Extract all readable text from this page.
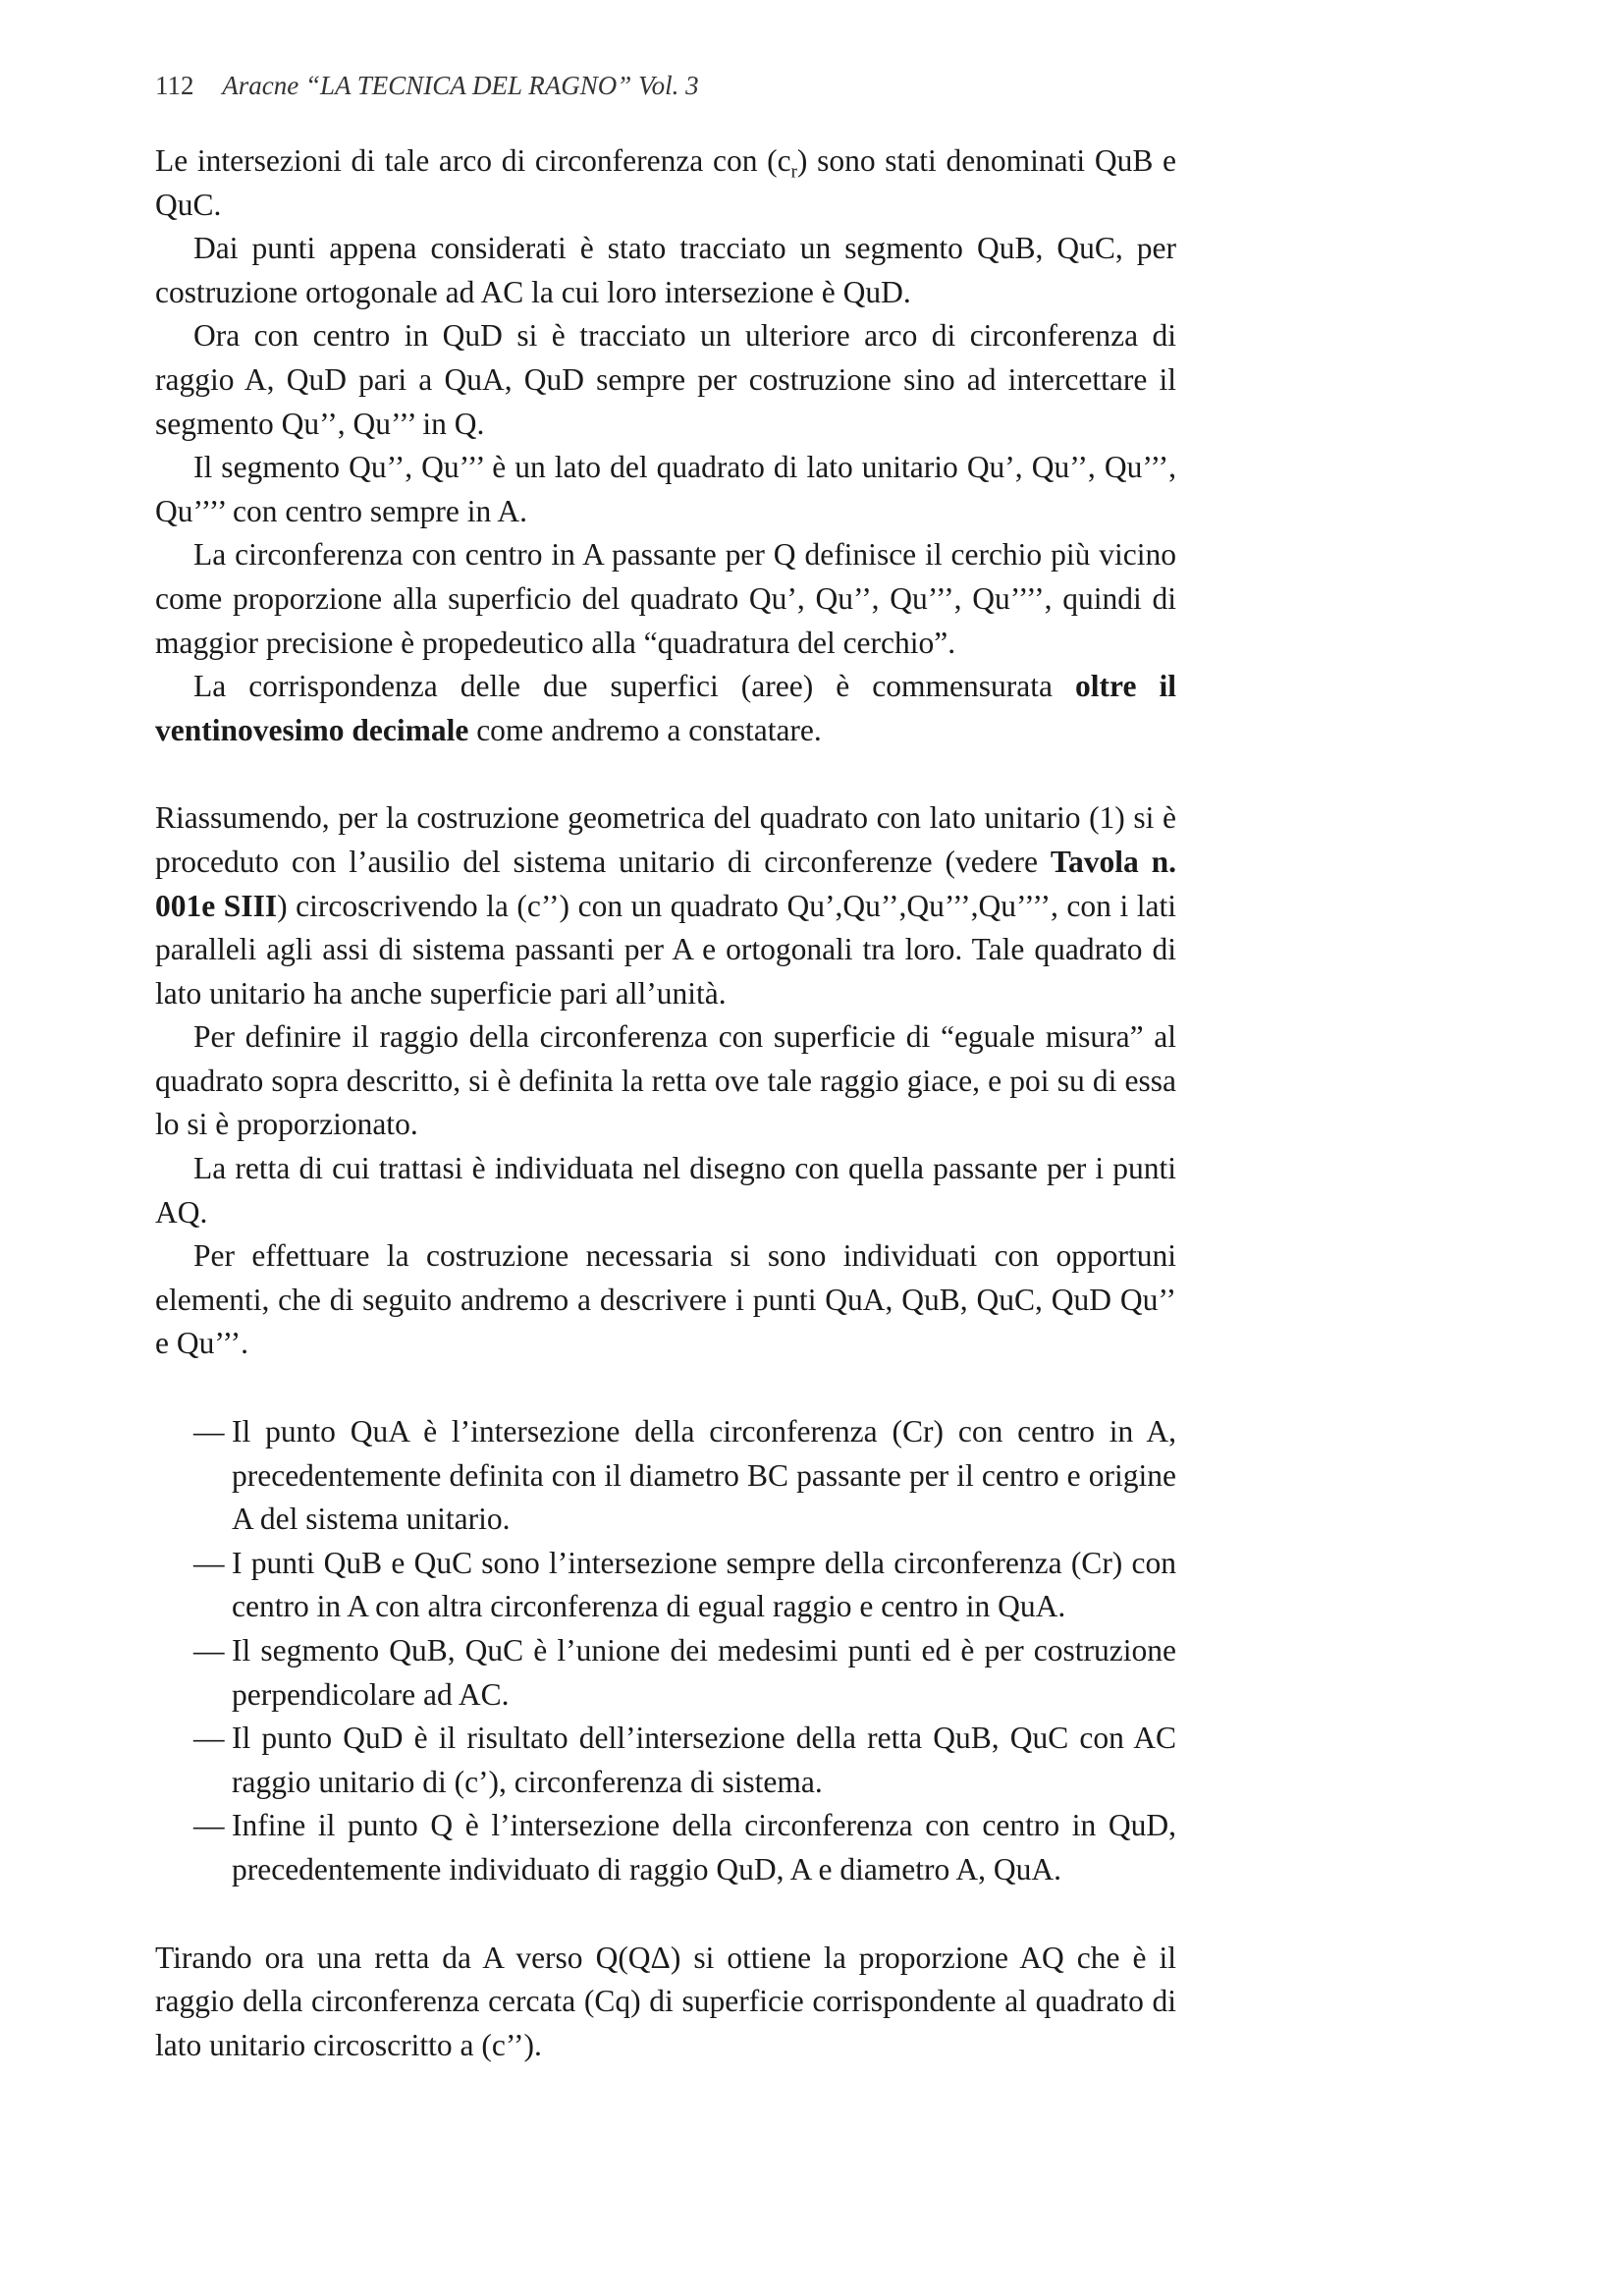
112 Aracne “LA TECNICA DEL RAGNO” Vol. 3

Le intersezioni di tale arco di circonferenza con $(c_r)$ sono stati denominati QuB e QuC.

Dai punti appena considerati è stato tracciato un segmento QuB, QuC, per costruzione ortogonale ad AC la cui loro intersezione è QuD.

Ora con centro in QuD si è tracciato un ulteriore arco di circonferenza di raggio A, QuD pari a QuA, QuD sempre per costruzione sino ad intercettare il segmento Qu’’, Qu’’’ in Q.

Il segmento Qu’’, Qu’’’ è un lato del quadrato di lato unitario Qu’, Qu’’, Qu’’’, Qu’’’’ con centro sempre in A.

La circonferenza con centro in A passante per Q definisce il cerchio più vicino come proporzione alla superficio del quadrato Qu’, Qu’’, Qu’’’, Qu’’’’, quindi di maggior precisione è propedeutico alla “quadratura del cerchio”.

La corrispondenza delle due superfici (aree) è commensurata oltre il ventinovesimo decimale come andremo a constatare.

Riassumendo, per la costruzione geometrica del quadrato con lato unitario (1) si è proceduto con l’ausilio del sistema unitario di circonferenze (vedere Tavola n. 001e SIII) circoscrivendo la (c’’) con un quadrato Qu’,Qu’’,Qu’’’,Qu’’’’, con i lati paralleli agli assi di sistema passanti per A e ortogonali tra loro. Tale quadrato di lato unitario ha anche superficie pari all’unità.

Per definire il raggio della circonferenza con superficie di “eguale misura” al quadrato sopra descritto, si è definita la retta ove tale raggio giace, e poi su di essa lo si è proporzionato.

La retta di cui trattasi è individuata nel disegno con quella passante per i punti AQ.

Per effettuare la costruzione necessaria si sono individuati con opportuni elementi, che di seguito andremo a descrivere i punti QuA, QuB, QuC, QuD Qu’’ e Qu’’’.

— Il punto QuA è l’intersezione della circonferenza (Cr) con centro in A, precedentemente definita con il diametro BC passante per il centro e origine A del sistema unitario.
— I punti QuB e QuC sono l’intersezione sempre della circonferenza (Cr) con centro in A con altra circonferenza di egual raggio e centro in QuA.
— Il segmento QuB, QuC è l’unione dei medesimi punti ed è per costruzione perpendicolare ad AC.
— Il punto QuD è il risultato dell’intersezione della retta QuB, QuC con AC raggio unitario di (c’), circonferenza di sistema.
— Infine il punto Q è l’intersezione della circonferenza con centro in QuD, precedentemente individuato di raggio QuD, A e diametro A, QuA.

Tirando ora una retta da A verso Q(QΔ) si ottiene la proporzione AQ che è il raggio della circonferenza cercata (Cq) di superficie corrispondente al quadrato di lato unitario circoscritto a (c’’).
